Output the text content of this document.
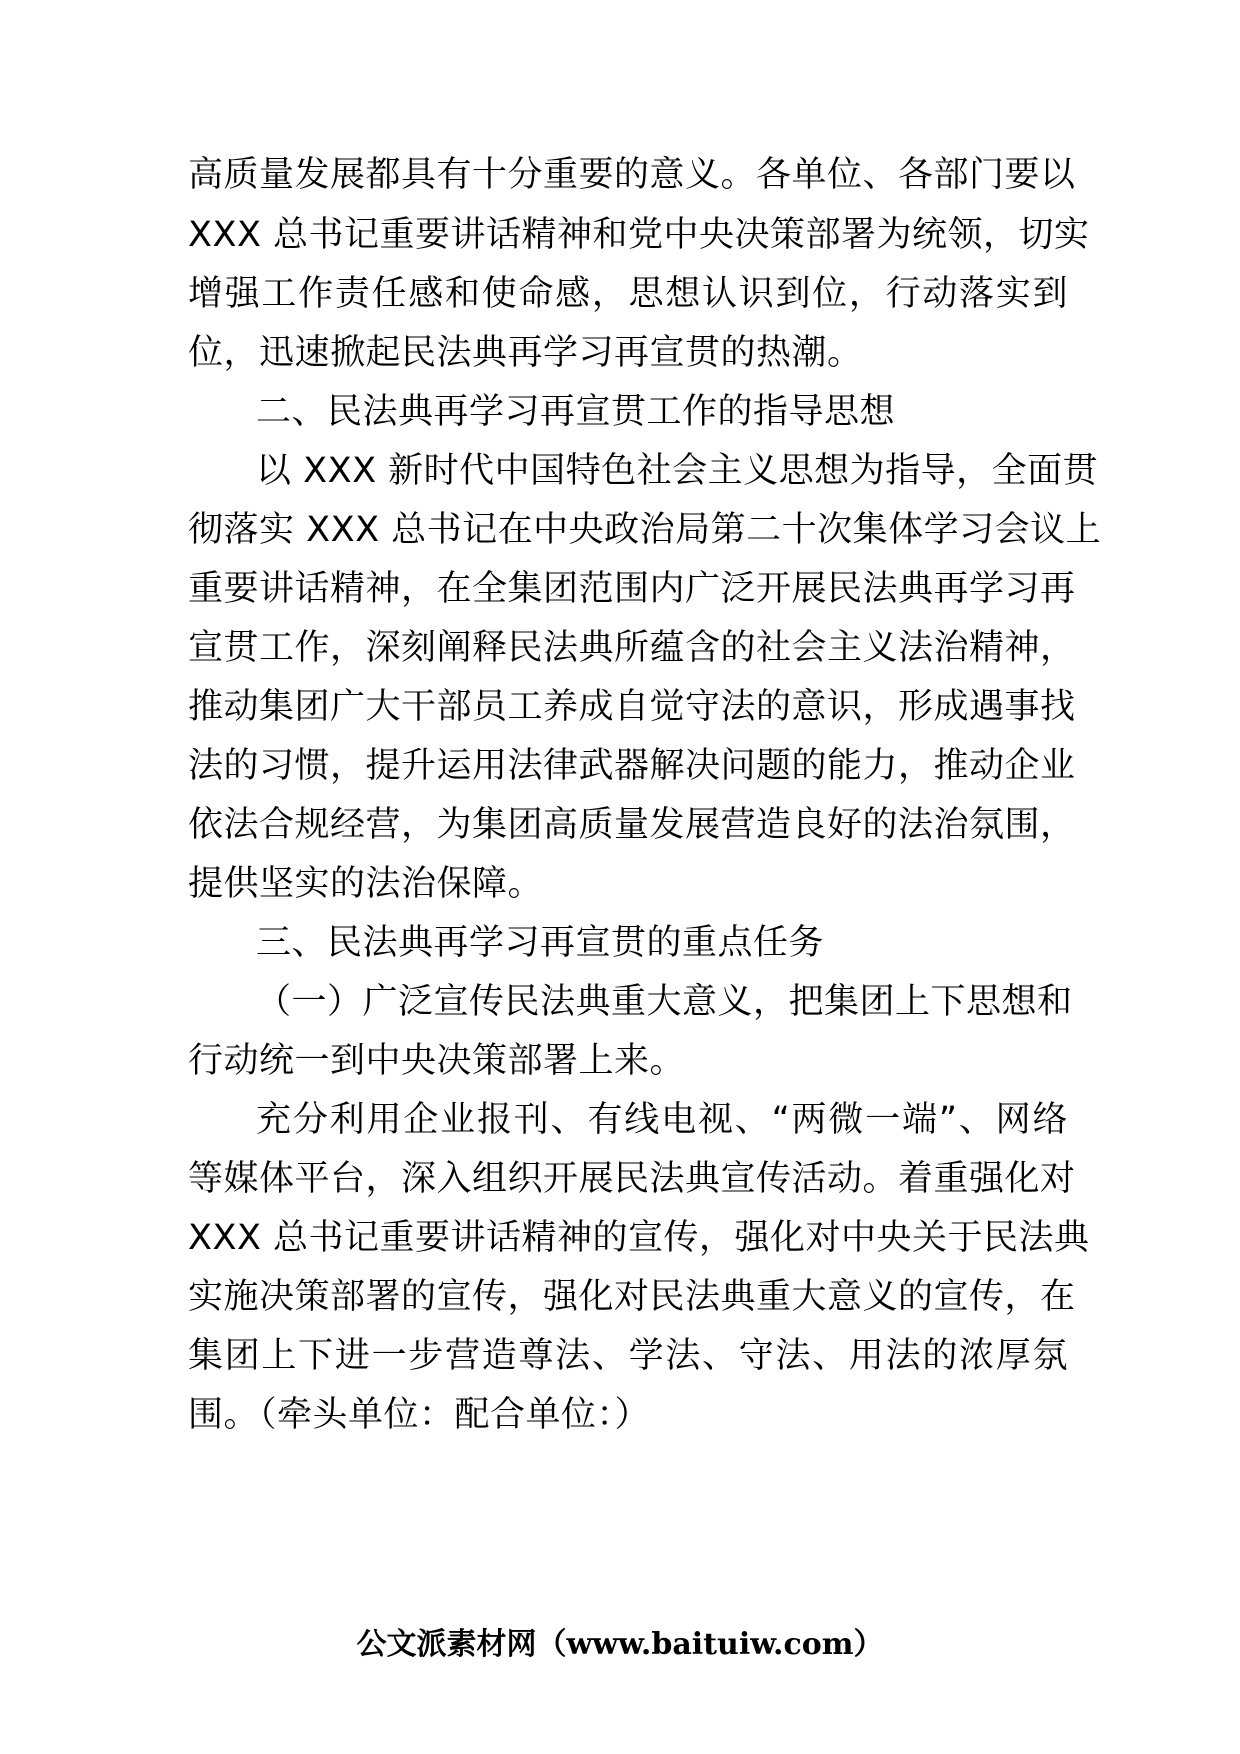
高质量发展都具有十分重要的意义。各单位、各部门要以
XXX 总书记重要讲话精神和党中央决策部署为统领，切实
增强工作责任感和使命感，思想认识到位，行动落实到
位，迅速掀起民法典再学习再宣贯的热潮。
二、民法典再学习再宣贯工作的指导思想
以 XXX 新时代中国特色社会主义思想为指导，全面贯
彻落实 XXX 总书记在中央政治局第二十次集体学习会议上
重要讲话精神，在全集团范围内广泛开展民法典再学习再
宣贯工作，深刻阐释民法典所蕴含的社会主义法治精神，
推动集团广大干部员工养成自觉守法的意识，形成遇事找
法的习惯，提升运用法律武器解决问题的能力，推动企业
依法合规经营，为集团高质量发展营造良好的法治氛围，
提供坚实的法治保障。
三、民法典再学习再宣贯的重点任务
（一）广泛宣传民法典重大意义，把集团上下思想和
行动统一到中央决策部署上来。
充分利用企业报刊、有线电视、“两微一端”、网络
等媒体平台，深入组织开展民法典宣传活动。着重强化对
XXX 总书记重要讲话精神的宣传，强化对中央关于民法典
实施决策部署的宣传，强化对民法典重大意义的宣传，在
集团上下进一步营造尊法、学法、守法、用法的浓厚氛
围。（牵头单位：配合单位：）
公文派素材网（www.baituiw.com）
